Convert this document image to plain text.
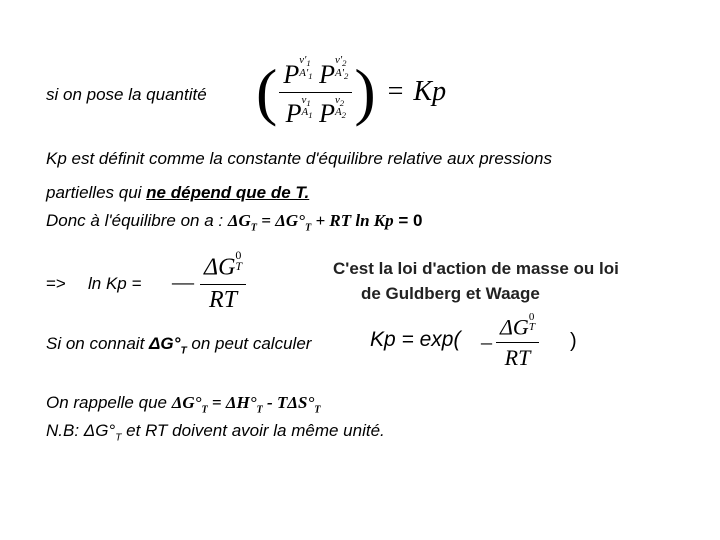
si on pose la quantité ( $P\nu'_1$
$A'_1$ $P\nu'_2$
$A'_2$
$P\nu_1$
$A_1$ $P\nu_2$
$A_2$ ) = Kp
Kp est définit comme la constante d'équilibre relative aux pressions
partielles qui ne dépend que de T.
Donc à l'équilibre on a : $\Delta G_T = \Delta G^\circ_T$ + RT ln Kp = 0
=> ln Kp = —
ΔG0
T
RT
C'est la loi d'action de masse ou loi
de Guldberg et Waage
Si on connait $\Delta G^\circ_T$ on peut calculer	Kp = exp( –
ΔG0
T
RT
)
On rappelle que $\Delta G^\circ_T = \Delta H^\circ_T - T\Delta S^\circ_T$
N.B: $\Delta G^\circ_T$ et RT doivent avoir la même unité.
